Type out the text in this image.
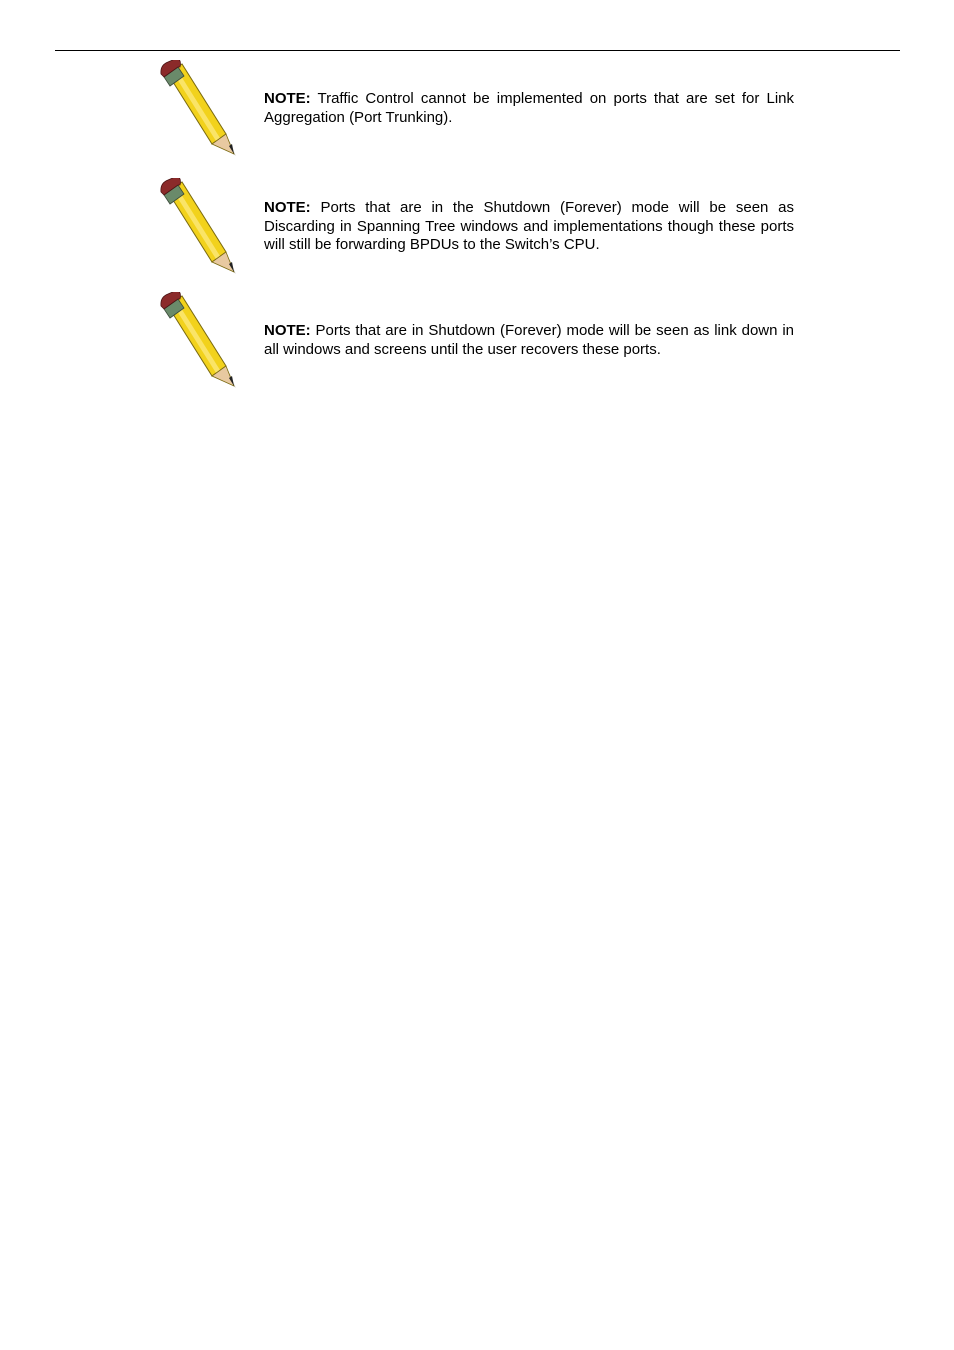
NOTE: Traffic Control cannot be implemented on ports that are set for Link Aggregation (Port Trunking).
NOTE: Ports that are in the Shutdown (Forever) mode will be seen as Discarding in Spanning Tree windows and implementations though these ports will still be forwarding BPDUs to the Switch’s CPU.
NOTE: Ports that are in Shutdown (Forever) mode will be seen as link down in all windows and screens until the user recovers these ports.
